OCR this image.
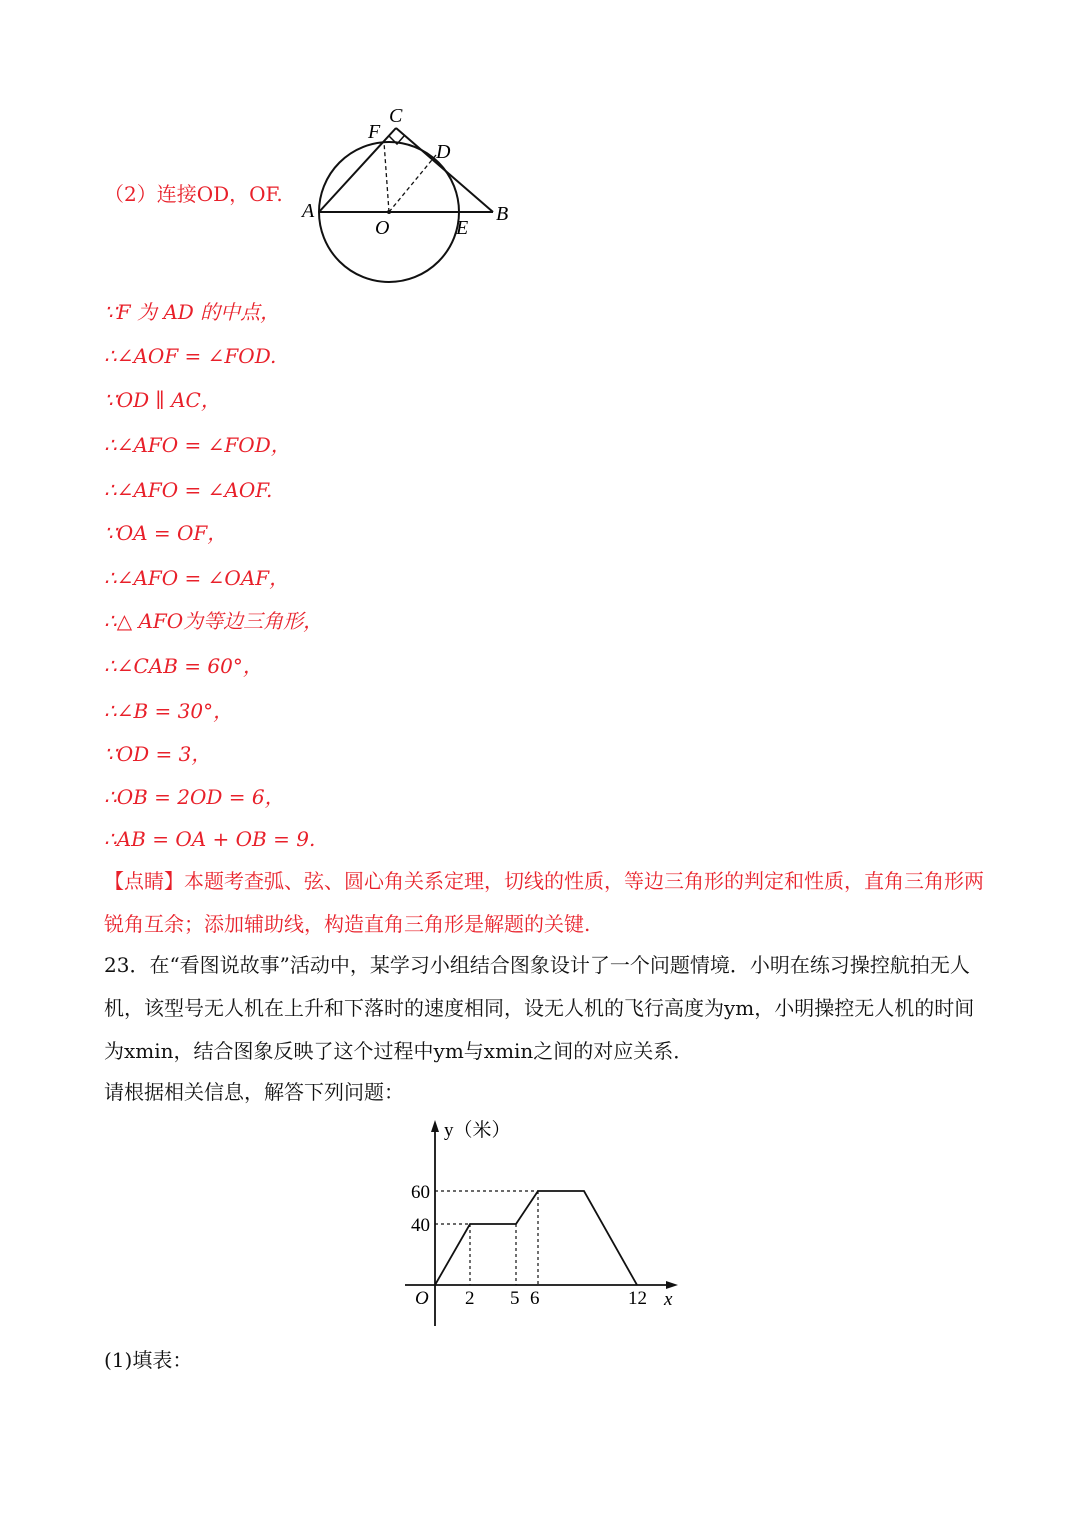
C
F
D
A	B
O	E
（2）连接OD，OF.
∵F 为 AD 的中点，
∴∠AOF = ∠FOD.
∵OD ∥ AC，
∴∠AFO = ∠FOD，
∴∠AFO = ∠AOF.
∵OA = OF，
∴∠AFO = ∠OAF，
∴△ AFO为等边三角形，
∴∠CAB = 60°，
∴∠B = 30°，
∵OD = 3，
∴OB = 2OD = 6，
∴AB = OA + OB = 9.
【点睛】本题考查弧、弦、圆心角关系定理，切线的性质，等边三角形的判定和性质，直角三角形两锐角互余；添加辅助线，构造直角三角形是解题的关键.
23．在“看图说故事”活动中，某学习小组结合图象设计了一个问题情境．小明在练习操控航拍无人机，该型号无人机在上升和下落时的速度相同，设无人机的飞行高度为ym，小明操控无人机的时间为xmin，结合图象反映了这个过程中ym与xmin之间的对应关系．
请根据相关信息，解答下列问题：
y（米）
60
40
O 2 5 6	12 x
(1)填表：
